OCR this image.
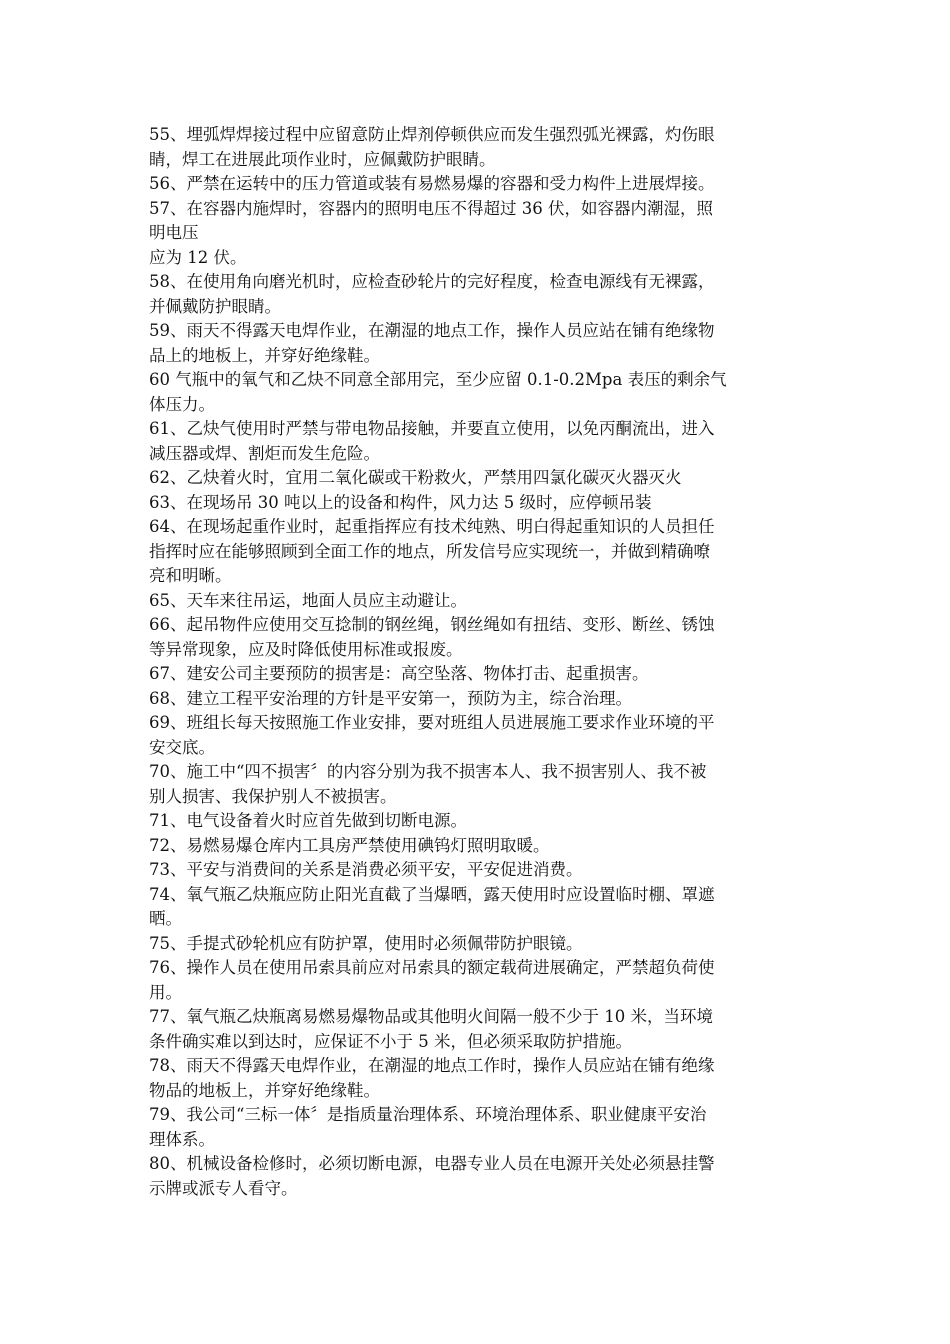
55、埋弧焊焊接过程中应留意防止焊剂停顿供应而发生强烈弧光裸露，灼伤眼
睛，焊工在进展此项作业时，应佩戴防护眼睛。
56、严禁在运转中的压力管道或装有易燃易爆的容器和受力构件上进展焊接。
57、在容器内施焊时，容器内的照明电压不得超过 36 伏，如容器内潮湿，照
明电压
应为 12 伏。
58、在使用角向磨光机时，应检查砂轮片的完好程度，检查电源线有无裸露，
并佩戴防护眼睛。
59、雨天不得露天电焊作业，在潮湿的地点工作，操作人员应站在铺有绝缘物
品上的地板上，并穿好绝缘鞋。
60 气瓶中的氧气和乙炔不同意全部用完，至少应留 0.1-0.2Mpa 表压的剩余气
体压力。
61、乙炔气使用时严禁与带电物品接触，并要直立使用，以免丙酮流出，进入
减压器或焊、割炬而发生危险。
62、乙炔着火时，宜用二氧化碳或干粉救火，严禁用四氯化碳灭火器灭火
63、在现场吊 30 吨以上的设备和构件，风力达 5 级时，应停顿吊装
64、在现场起重作业时，起重指挥应有技术纯熟、明白得起重知识的人员担任
指挥时应在能够照顾到全面工作的地点，所发信号应实现统一，并做到精确嘹
亮和明晰。
65、天车来往吊运，地面人员应主动避让。
66、起吊物件应使用交互捻制的钢丝绳，钢丝绳如有扭结、变形、断丝、锈蚀
等异常现象，应及时降低使用标准或报废。
67、建安公司主要预防的损害是：高空坠落、物体打击、起重损害。
68、建立工程平安治理的方针是平安第一，预防为主，综合治理。
69、班组长每天按照施工作业安排，要对班组人员进展施工要求作业环境的平
安交底。
70、施工中“四不损害〞的内容分别为我不损害本人、我不损害别人、我不被
别人损害、我保护别人不被损害。
71、电气设备着火时应首先做到切断电源。
72、易燃易爆仓库内工具房严禁使用碘钨灯照明取暖。
73、平安与消费间的关系是消费必须平安，平安促进消费。
74、氧气瓶乙炔瓶应防止阳光直截了当爆晒，露天使用时应设置临时棚、罩遮
晒。
75、手提式砂轮机应有防护罩，使用时必须佩带防护眼镜。
76、操作人员在使用吊索具前应对吊索具的额定载荷进展确定，严禁超负荷使
用。
77、氧气瓶乙炔瓶离易燃易爆物品或其他明火间隔一般不少于 10 米，当环境
条件确实难以到达时，应保证不小于 5 米，但必须采取防护措施。
78、雨天不得露天电焊作业，在潮湿的地点工作时，操作人员应站在铺有绝缘
物品的地板上，并穿好绝缘鞋。
79、我公司“三标一体〞是指质量治理体系、环境治理体系、职业健康平安治
理体系。
80、机械设备检修时，必须切断电源，电器专业人员在电源开关处必须悬挂警
示牌或派专人看守。
